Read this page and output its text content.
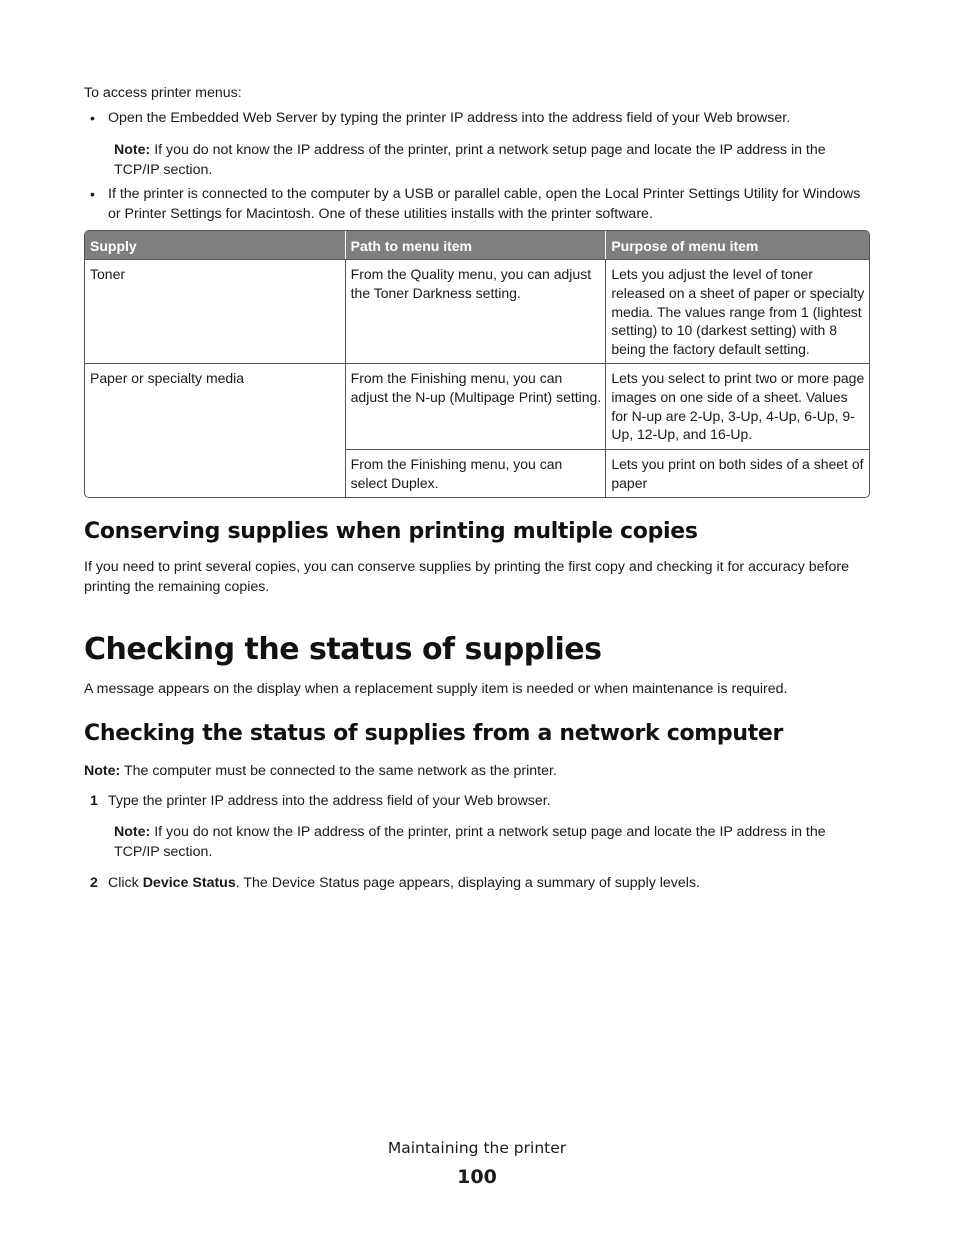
To access printer menus:

• Open the Embedded Web Server by typing the printer IP address into the address field of your Web browser.

Note: If you do not know the IP address of the printer, print a network setup page and locate the IP address in the TCP/IP section.

• If the printer is connected to the computer by a USB or parallel cable, open the Local Printer Settings Utility for Windows or Printer Settings for Macintosh. One of these utilities installs with the printer software.
Supply	Path to menu item	Purpose of menu item
Toner	From the Quality menu, you can adjust the Toner Darkness setting.	Lets you adjust the level of toner released on a sheet of paper or specialty media. The values range from 1 (lightest setting) to 10 (darkest setting) with 8 being the factory default setting.
Paper or specialty media	From the Finishing menu, you can adjust the N-up (Multipage Print) setting.	Lets you select to print two or more page images on one side of a sheet. Values for N-up are 2-Up, 3-Up, 4-Up, 6-Up, 9-Up, 12-Up, and 16-Up.
	From the Finishing menu, you can select Duplex.	Lets you print on both sides of a sheet of paper
Conserving supplies when printing multiple copies

If you need to print several copies, you can conserve supplies by printing the first copy and checking it for accuracy before printing the remaining copies.

Checking the status of supplies

A message appears on the display when a replacement supply item is needed or when maintenance is required.

Checking the status of supplies from a network computer

Note: The computer must be connected to the same network as the printer.

1 Type the printer IP address into the address field of your Web browser.

Note: If you do not know the IP address of the printer, print a network setup page and locate the IP address in the TCP/IP section.

2 Click Device Status. The Device Status page appears, displaying a summary of supply levels.
Maintaining the printer
100
